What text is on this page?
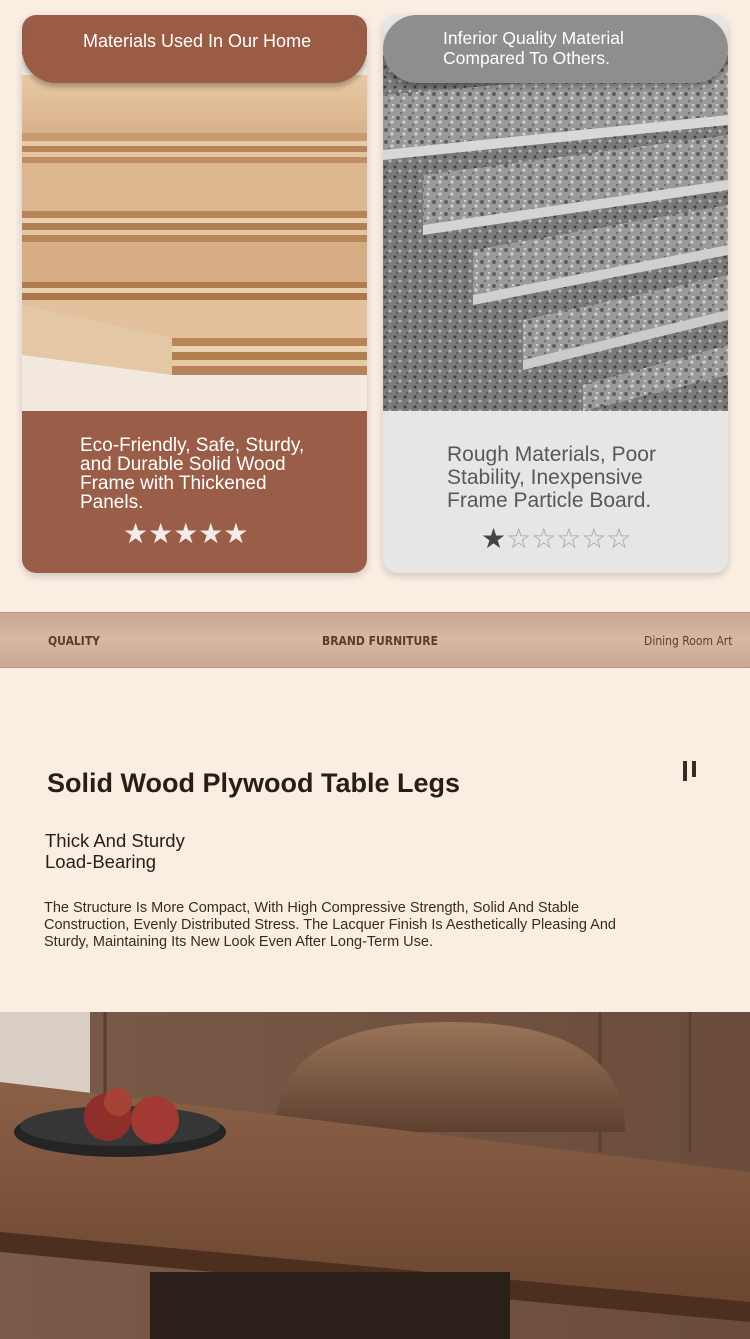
Materials Used In Our Home
Eco-Friendly, Safe, Sturdy, and Durable Solid Wood Frame with Thickened Panels.
★★★★★
Inferior Quality Material Compared To Others.
Rough Materials, Poor Stability, Inexpensive Frame Particle Board.
★☆☆☆☆☆
QUALITY	BRAND FURNITURE	Dining Room Art
Solid Wood Plywood Table Legs
Thick And Sturdy
Load-Bearing
The Structure Is More Compact, With High Compressive Strength, Solid And Stable Construction, Evenly Distributed Stress. The Lacquer Finish Is Aesthetically Pleasing And Sturdy, Maintaining Its New Look Even After Long-Term Use.
